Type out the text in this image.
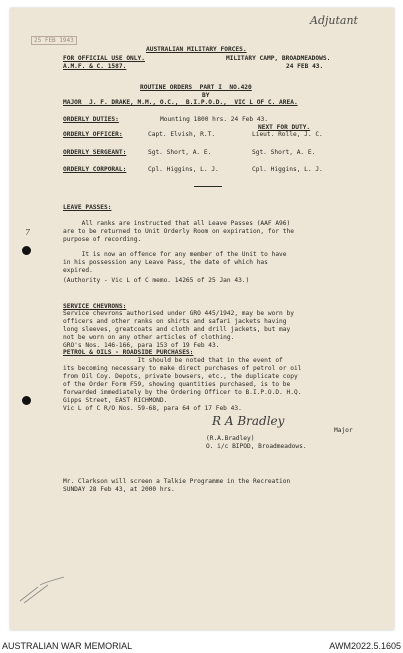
Adjutant
25 FEB 1943
7
AUSTRALIAN MILITARY FORCES.
FOR OFFICIAL USE ONLY.
A.M.F. & C. 1587.
MILITARY CAMP, BROADMEADOWS.
24 FEB 43.
ROUTINE ORDERS  PART I  NO.420
BY
MAJOR  J. F. DRAKE, M.M., O.C.,  B.I.P.O.D.,  VIC L OF C. AREA.
ORDERLY DUTIES:	Mounting 1800 hrs. 24 Feb 43.
NEXT FOR DUTY.
ORDERLY OFFICER:	Capt. Elvish, R.T.	Lieut. Rolle, J. C.
ORDERLY SERGEANT:	Sgt. Short, A. E.	Sgt. Short, A. E.
ORDERLY CORPORAL:	Cpl. Higgins, L. J.	Cpl. Higgins, L. J.
LEAVE PASSES:
All ranks are instructed that all Leave Passes (AAF A96)
are to be returned to Unit Orderly Room on expiration, for the
purpose of recording.
It is now an offence for any member of the Unit to have
in his possession any Leave Pass, the date of which has
expired.
(Authority - Vic L of C memo. 14265 of 25 Jan 43.)
SERVICE CHEVRONS:
Service chevrons authorised under GRO 445/1942, may be worn by
officers and other ranks on shirts and safari jackets having
long sleeves, greatcoats and cloth and drill jackets, but may
not be worn on any other articles of clothing.
GRO's Nos. 146-166, para 153 of 19 Feb 43.
PETROL & OILS - ROADSIDE PURCHASES:
It should be noted that in the event of
its becoming necessary to make direct purchases of petrol or oil
from Oil Coy. Depots, private bowsers, etc., the duplicate copy
of the Order Form F59, showing quantities purchased, is to be
forwarded immediately by the Ordering Officer to B.I.P.O.D. H.Q.
Gipps Street, EAST RICHMOND.
Vic L of C R/O Nos. 59-68, para 64 of 17 Feb 43.
R A Bradley
Major
(R.A.Bradley)
O. i/c BIPOD, Broadmeadows.
Mr. Clarkson will screen a Talkie Programme in the Recreation
SUNDAY 28 Feb 43, at 2000 hrs.
AUSTRALIAN WAR MEMORIAL	AWM2022.5.1605
